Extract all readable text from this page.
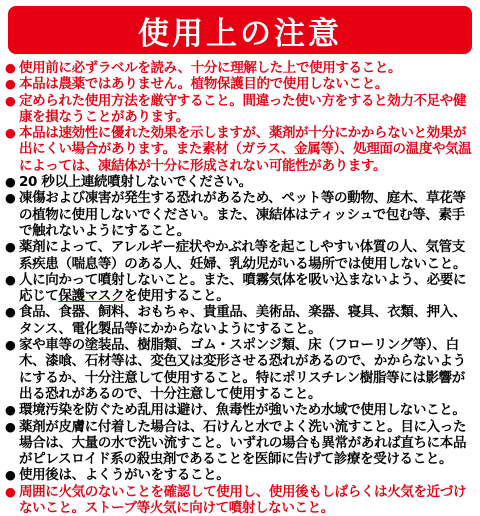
使用上の注意
● 使用前に必ずラベルを読み、十分に理解した上で使用すること。
● 本品は農薬ではありません。植物保護目的で使用しないこと。
● 定められた使用方法を厳守すること。間違った使い方をすると効力不足や健康を損なうことがあります。
● 本品は速効性に優れた効果を示しますが、薬剤が十分にかからないと効果が出にくい場合があります。また素材（ガラス、金属等）、処理面の温度や気温によっては、凍結体が十分に形成されない可能性があります。
● 20 秒以上連続噴射しないでください。
● 凍傷および凍害が発生する恐れがあるため、ペット等の動物、庭木、草花等の植物に使用しないでください。また、凍結体はティッシュで包む等、素手で触れないようにすること。
● 薬剤によって、アレルギー症状やかぶれ等を起こしやすい体質の人、気管支系疾患（喘息等）のある人、妊婦、乳幼児がいる場所では使用しないこと。
● 人に向かって噴射しないこと。また、噴霧気体を吸い込まないよう、必要に応じて保護マスクを使用すること。
● 食品、食器、飼料、おもちゃ、貴重品、美術品、楽器、寝具、衣類、押入、タンス、電化製品等にかからないようにすること。
● 家や車等の塗装品、樹脂類、ゴム・スポンジ類、床（フローリング等）、白木、漆喰、石材等は、変色又は変形させる恐れがあるので、かからないようにするか、十分注意して使用すること。特にポリスチレン樹脂等には影響が出る恐れがあるので、十分注意して使用すること。
● 環境汚染を防ぐため乱用は避け、魚毒性が強いため水域で使用しないこと。
● 薬剤が皮膚に付着した場合は、石けんと水でよく洗い流すこと。目に入った場合は、大量の水で洗い流すこと。いずれの場合も異常があれば直ちに本品がピレスロイド系の殺虫剤であることを医師に告げて診療を受けること。
● 使用後は、よくうがいをすること。
● 周囲に火気のないことを確認して使用し、使用後もしばらくは火気を近づけないこと。ストーブ等火気に向けて噴射しないこと。
